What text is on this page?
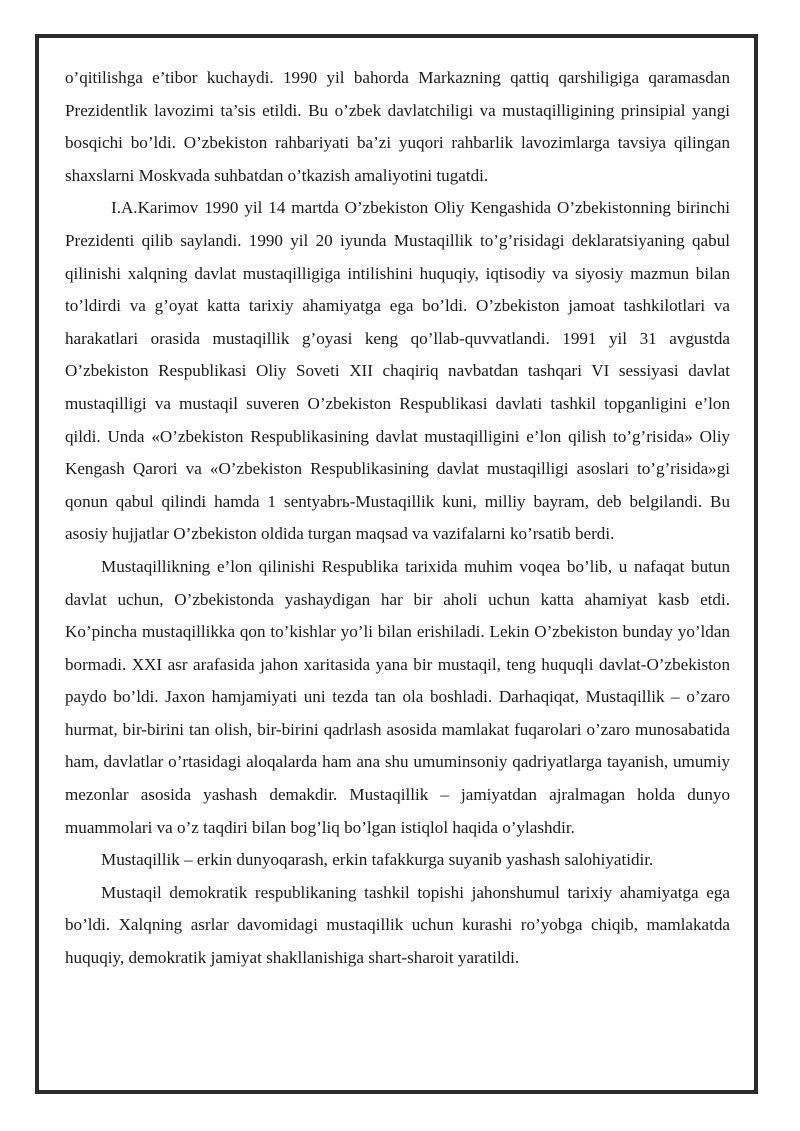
o’qitilishga e’tibor kuchaydi. 1990 yil bahorda Markazning qattiq qarshiligiga qaramasdan Prezidentlik lavozimi ta’sis etildi. Bu o’zbek davlatchiligi va mustaqilligining prinsipial yangi bosqichi bo’ldi. O’zbekiston rahbariyati ba’zi yuqori rahbarlik lavozimlarga tavsiya qilingan shaxslarni Moskvada suhbatdan o’tkazish amaliyotini tugatdi.

I.A.Karimov 1990 yil 14 martda O’zbekiston Oliy Kengashida O’zbekistonning birinchi Prezidenti qilib saylandi. 1990 yil 20 iyunda Mustaqillik to’g’risidagi deklaratsiyaning qabul qilinishi xalqning davlat mustaqilligiga intilishini huquqiy, iqtisodiy va siyosiy mazmun bilan to’ldirdi va g’oyat katta tarixiy ahamiyatga ega bo’ldi. O’zbekiston jamoat tashkilotlari va harakatlari orasida mustaqillik g’oyasi keng qo’llab-quvvatlandi. 1991 yil 31 avgustda O’zbekiston Respublikasi Oliy Soveti XII chaqiriq navbatdan tashqari VI sessiyasi davlat mustaqilligi va mustaqil suveren O’zbekiston Respublikasi davlati tashkil topganligini e’lon qildi. Unda «O’zbekiston Respublikasining davlat mustaqilligini e’lon qilish to’g’risida» Oliy Kengash Qarori va «O’zbekiston Respublikasining davlat mustaqilligi asoslari to’g’risida»gi qonun qabul qilindi hamda 1 sentyabrь-Mustaqillik kuni, milliy bayram, deb belgilandi. Bu asosiy hujjatlar O’zbekiston oldida turgan maqsad va vazifalarni ko’rsatib berdi.

Mustaqillikning e’lon qilinishi Respublika tarixida muhim voqea bo’lib, u nafaqat butun davlat uchun, O’zbekistonda yashaydigan har bir aholi uchun katta ahamiyat kasb etdi. Ko’pincha mustaqillikka qon to’kishlar yo’li bilan erishiladi. Lekin O’zbekiston bunday yo’ldan bormadi. XXI asr arafasida jahon xaritasida yana bir mustaqil, teng huquqli davlat-O’zbekiston paydo bo’ldi. Jaxon hamjamiyati uni tezda tan ola boshladi. Darhaqiqat, Mustaqillik – o’zaro hurmat, bir-birini tan olish, bir-birini qadrlash asosida mamlakat fuqarolari o’zaro munosabatida ham, davlatlar o’rtasidagi aloqalarda ham ana shu umuminsoniy qadriyatlarga tayanish, umumiy mezonlar asosida yashash demakdir. Mustaqillik – jamiyatdan ajralmagan holda dunyo muammolari va o’z taqdiri bilan bog’liq bo’lgan istiqlol haqida o’ylashdir.

Mustaqillik – erkin dunyoqarash, erkin tafakkurga suyanib yashash salohiyatidir.

Mustaqil demokratik respublikaning tashkil topishi jahonshumul tarixiy ahamiyatga ega bo’ldi. Xalqning asrlar davomidagi mustaqillik uchun kurashi ro’yobga chiqib, mamlakatda huquqiy, demokratik jamiyat shakllanishiga shart-sharoit yaratildi.
